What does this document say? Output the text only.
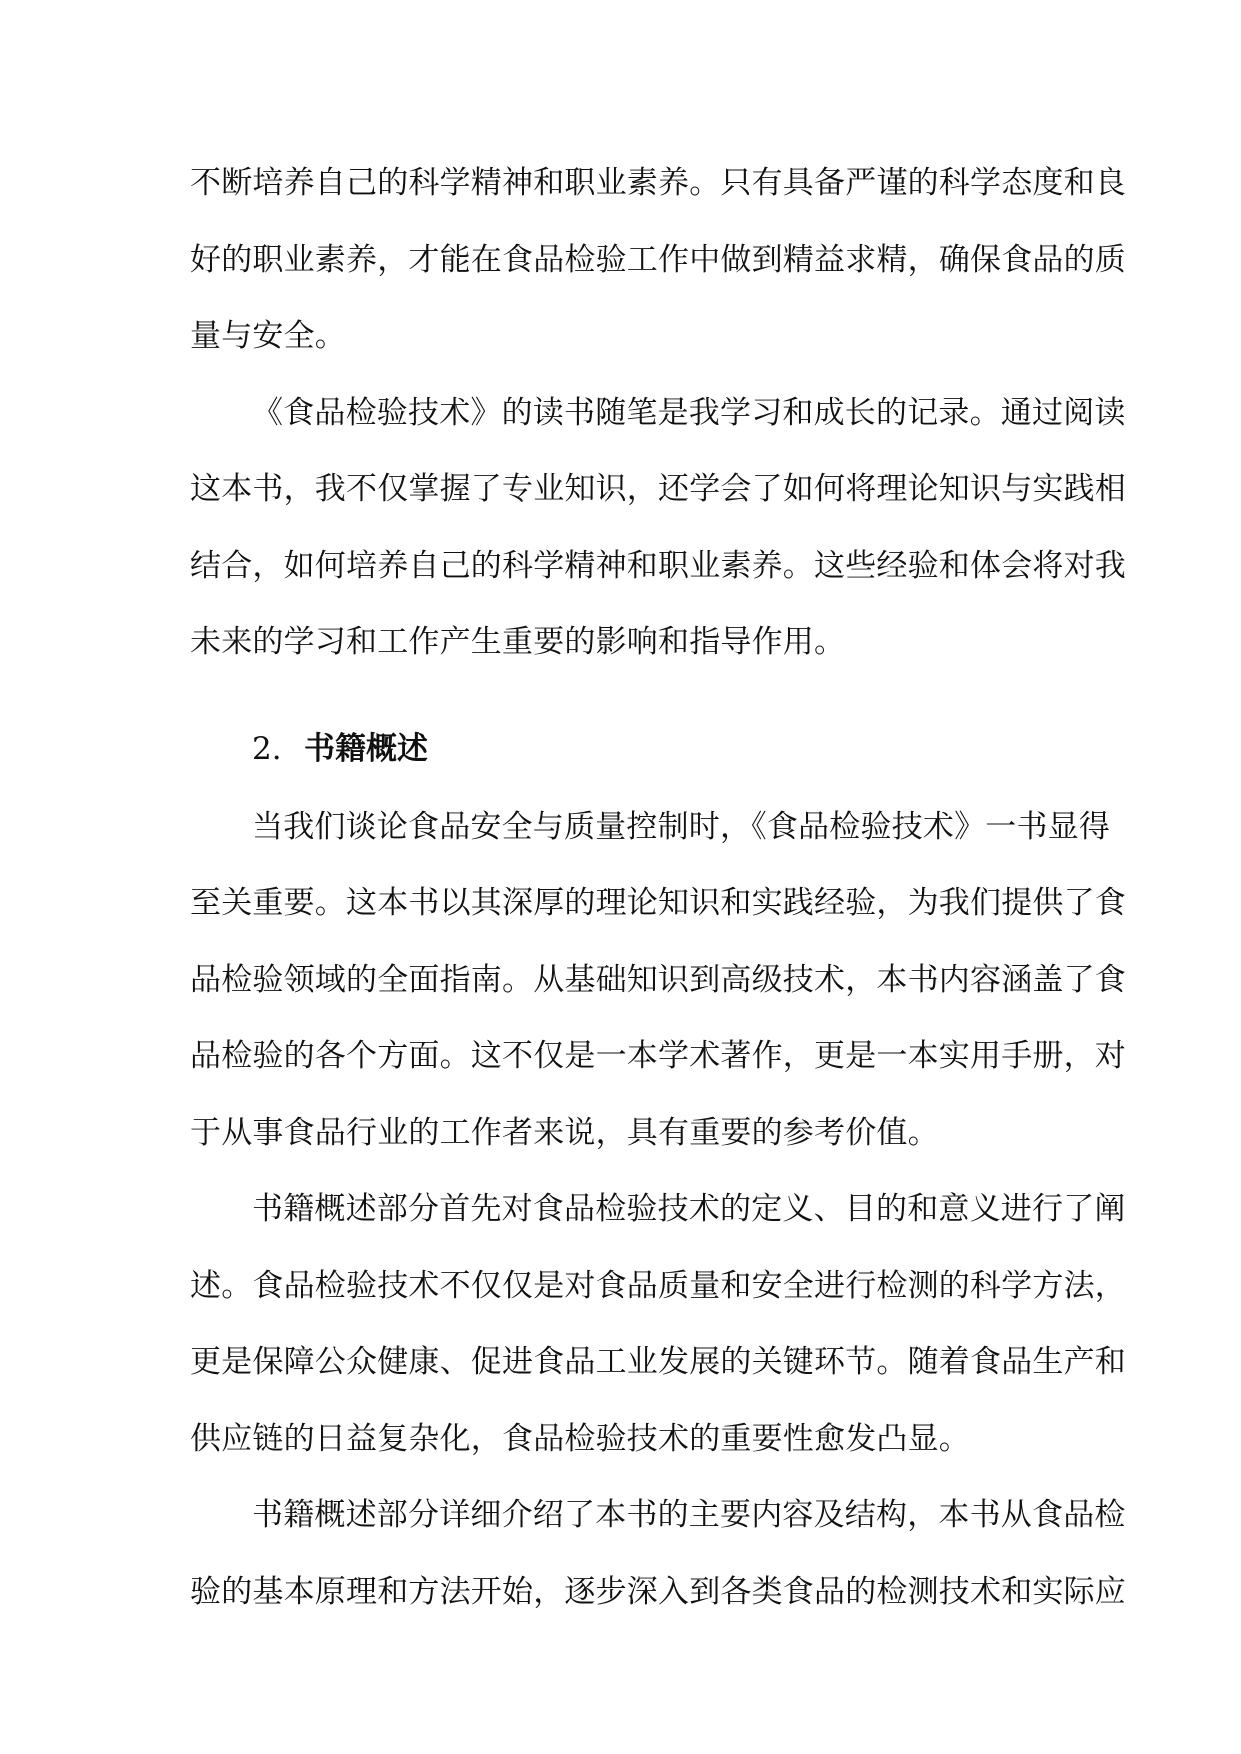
不断培养自己的科学精神和职业素养。只有具备严谨的科学态度和良
好的职业素养，才能在食品检验工作中做到精益求精，确保食品的质
量与安全。
《食品检验技术》的读书随笔是我学习和成长的记录。通过阅读
这本书，我不仅掌握了专业知识，还学会了如何将理论知识与实践相
结合，如何培养自己的科学精神和职业素养。这些经验和体会将对我
未来的学习和工作产生重要的影响和指导作用。
2. 书籍概述
当我们谈论食品安全与质量控制时，《食品检验技术》一书显得
至关重要。这本书以其深厚的理论知识和实践经验，为我们提供了食
品检验领域的全面指南。从基础知识到高级技术，本书内容涵盖了食
品检验的各个方面。这不仅是一本学术著作，更是一本实用手册，对
于从事食品行业的工作者来说，具有重要的参考价值。
书籍概述部分首先对食品检验技术的定义、目的和意义进行了阐
述。食品检验技术不仅仅是对食品质量和安全进行检测的科学方法，
更是保障公众健康、促进食品工业发展的关键环节。随着食品生产和
供应链的日益复杂化，食品检验技术的重要性愈发凸显。
书籍概述部分详细介绍了本书的主要内容及结构，本书从食品检
验的基本原理和方法开始，逐步深入到各类食品的检测技术和实际应
